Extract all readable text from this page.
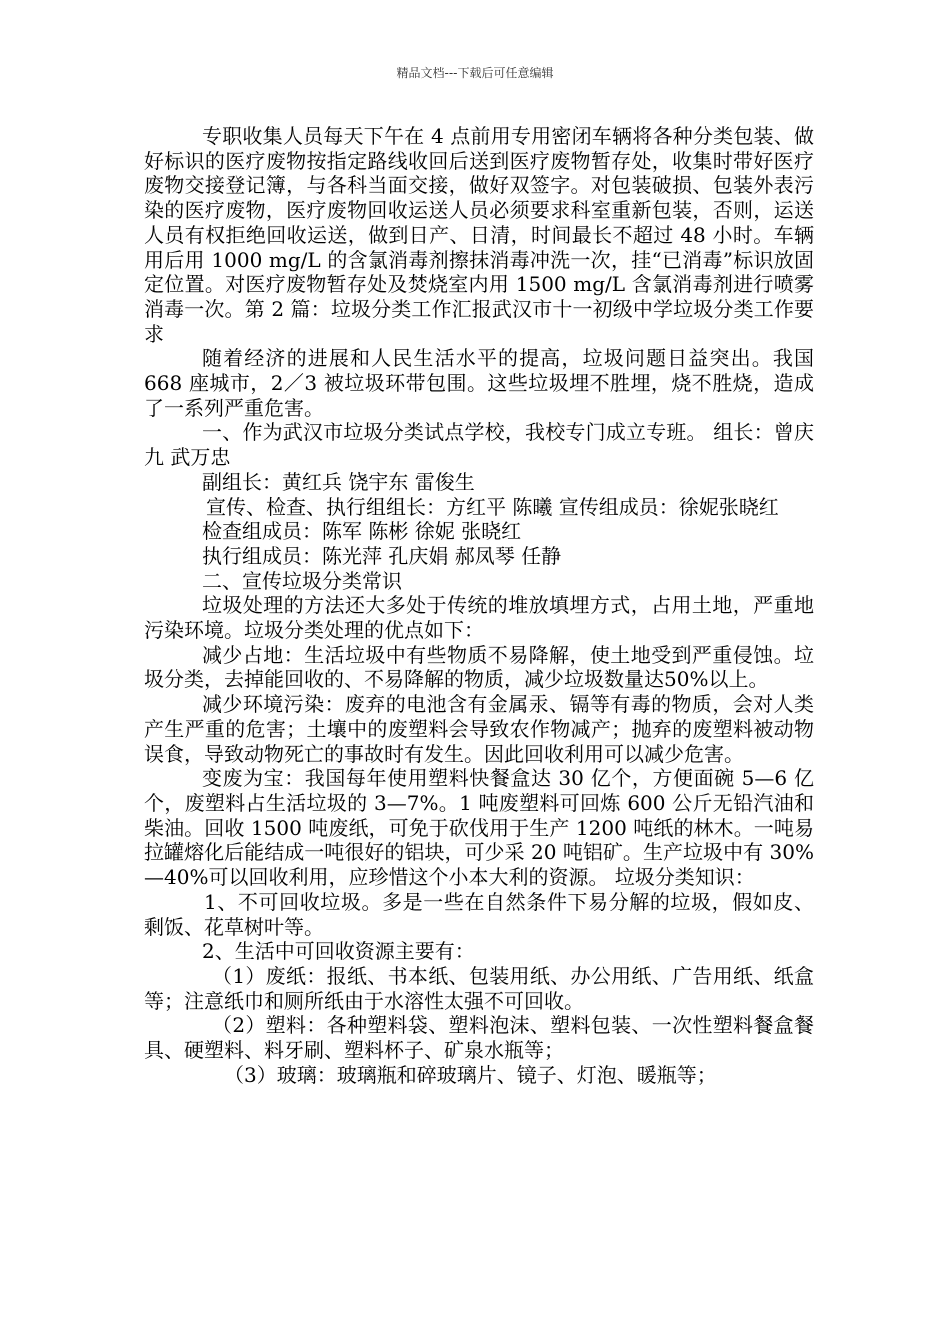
精品文档---下载后可任意编辑

专职收集人员每天下午在 4 点前用专用密闭车辆将各种分类包装、做好标识的医疗废物按指定路线收回后送到医疗废物暂存处，收集时带好医疗废物交接登记簿，与各科当面交接，做好双签字。对包装破损、包装外表污染的医疗废物，医疗废物回收运送人员必须要求科室重新包装，否则，运送人员有权拒绝回收运送，做到日产、日清，时间最长不超过 48 小时。车辆用后用 1000 mg/L 的含氯消毒剂擦抹消毒冲洗一次，挂“已消毒”标识放固定位置。对医疗废物暂存处及焚烧室内用 1500 mg/L 含氯消毒剂进行喷雾消毒一次。第 2 篇：垃圾分类工作汇报武汉市十一初级中学垃圾分类工作要求

随着经济的进展和人民生活水平的提高，垃圾问题日益突出。我国 668 座城市，2／3 被垃圾环带包围。这些垃圾埋不胜埋，烧不胜烧，造成了一系列严重危害。

一、作为武汉市垃圾分类试点学校，我校专门成立专班。 组长：曾庆九 武万忠

副组长：黄红兵 饶宇东 雷俊生

宣传、检查、执行组组长：方红平 陈曦 宣传组成员：徐妮张晓红

检查组成员：陈军 陈彬 徐妮 张晓红

执行组成员：陈光萍 孔庆娟 郝凤琴 任静

二、宣传垃圾分类常识

垃圾处理的方法还大多处于传统的堆放填埋方式，占用土地，严重地污染环境。垃圾分类处理的优点如下：

减少占地：生活垃圾中有些物质不易降解，使土地受到严重侵蚀。垃圾分类，去掉能回收的、不易降解的物质，减少垃圾数量达50%以上。

减少环境污染：废弃的电池含有金属汞、镉等有毒的物质，会对人类产生严重的危害；土壤中的废塑料会导致农作物减产；抛弃的废塑料被动物误食，导致动物死亡的事故时有发生。因此回收利用可以减少危害。

变废为宝：我国每年使用塑料快餐盒达 30 亿个，方便面碗 5—6 亿个，废塑料占生活垃圾的 3—7%。1 吨废塑料可回炼 600 公斤无铅汽油和柴油。回收 1500 吨废纸，可免于砍伐用于生产 1200 吨纸的林木。一吨易拉罐熔化后能结成一吨很好的铝块，可少采 20 吨铝矿。生产垃圾中有 30%—40%可以回收利用，应珍惜这个小本大利的资源。 垃圾分类知识：

1、不可回收垃圾。多是一些在自然条件下易分解的垃圾，假如皮、剩饭、花草树叶等。

2、生活中可回收资源主要有：

（1）废纸：报纸、书本纸、包装用纸、办公用纸、广告用纸、纸盒等；注意纸巾和厕所纸由于水溶性太强不可回收。

（2）塑料：各种塑料袋、塑料泡沫、塑料包装、一次性塑料餐盒餐具、硬塑料、料牙刷、塑料杯子、矿泉水瓶等；

（3）玻璃：玻璃瓶和碎玻璃片、镜子、灯泡、暖瓶等；
